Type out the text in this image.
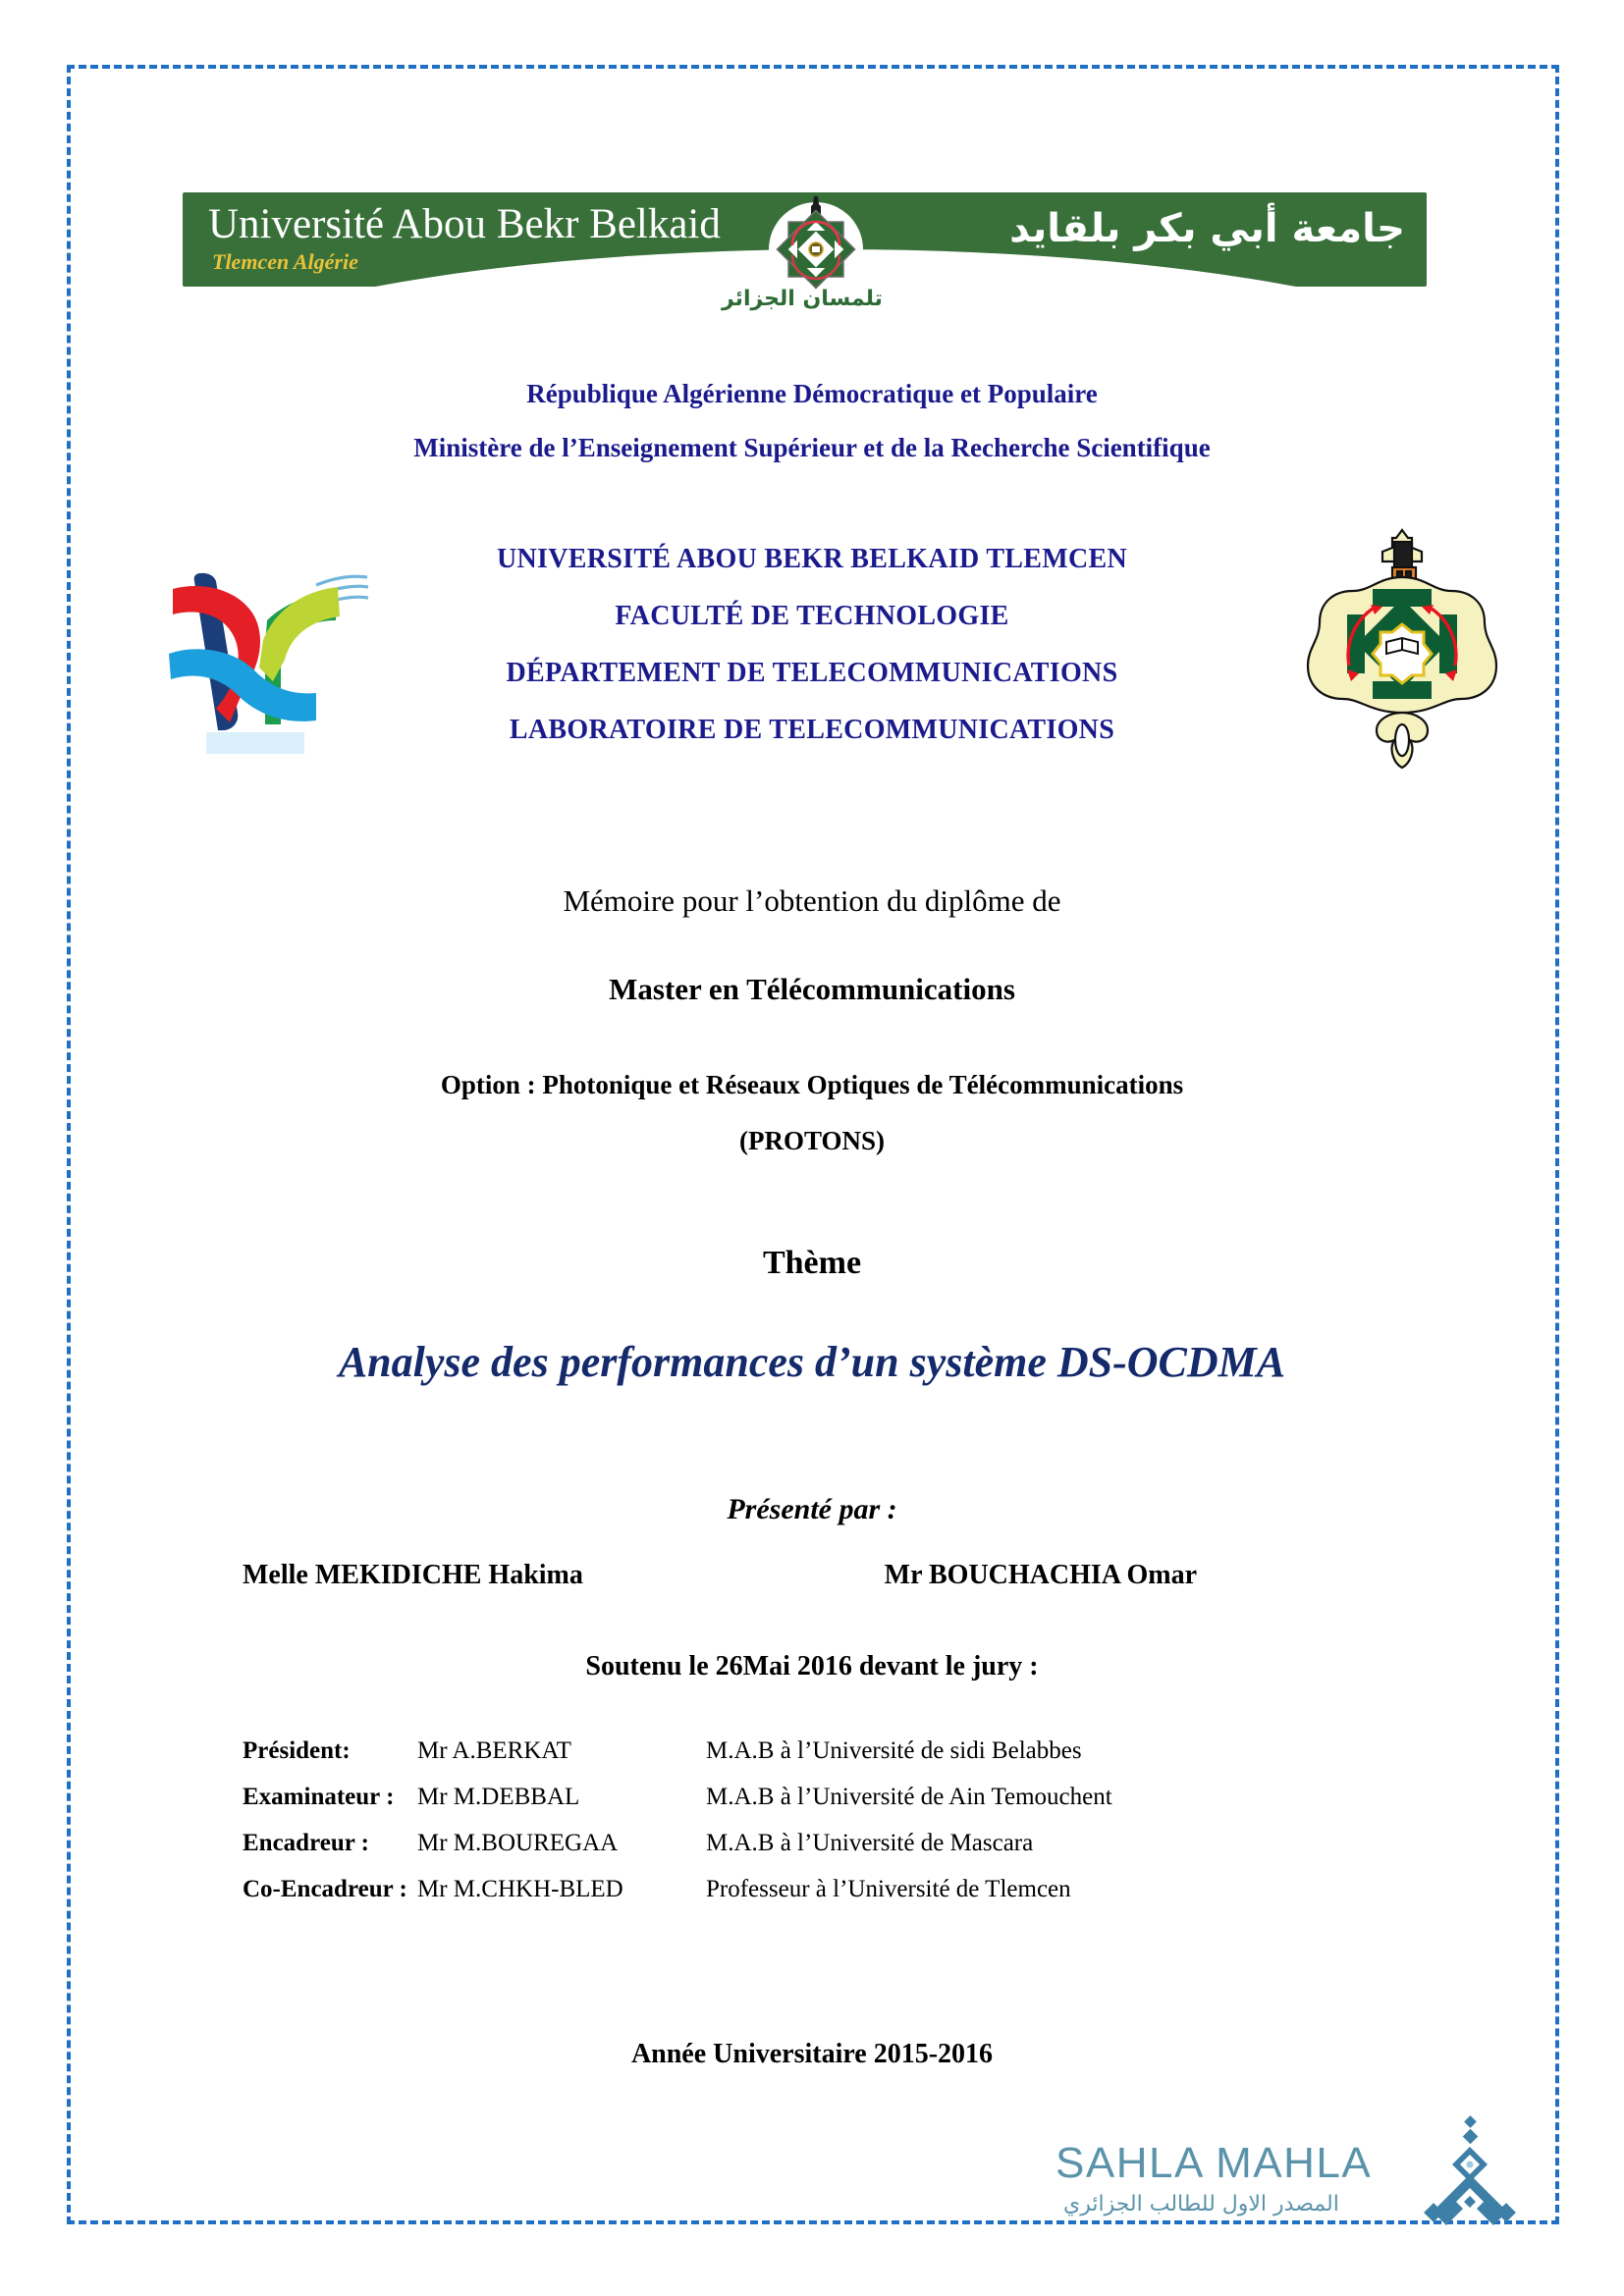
Université Abou Bekr Belkaid
Tlemcen Algérie
جامعة أبي بكر بلقايد
تلمسان الجزائر
République Algérienne Démocratique et Populaire
Ministère de l’Enseignement Supérieur et de la Recherche Scientifique
UNIVERSITÉ ABOU BEKR BELKAID TLEMCEN
FACULTÉ DE TECHNOLOGIE
DÉPARTEMENT DE TELECOMMUNICATIONS
LABORATOIRE DE TELECOMMUNICATIONS
Mémoire pour l’obtention du diplôme de
Master en Télécommunications
Option : Photonique et Réseaux Optiques de Télécommunications
(PROTONS)
Thème
Analyse des performances d’un système DS-OCDMA
Présenté par :
Melle MEKIDICHE Hakima	Mr BOUCHACHIA Omar
Soutenu le 26Mai 2016 devant le jury :
Président:	Mr A.BERKAT	M.A.B à l’Université de sidi Belabbes
Examinateur : Mr M.DEBBAL	M.A.B à l’Université de Ain Temouchent
Encadreur :	Mr M.BOUREGAA	M.A.B à l’Université de Mascara
Co-Encadreur : Mr M.CHKH-BLED	Professeur à l’Université de Tlemcen
Année Universitaire 2015-2016
SAHLA MAHLA
المصدر الاول للطالب الجزائري
